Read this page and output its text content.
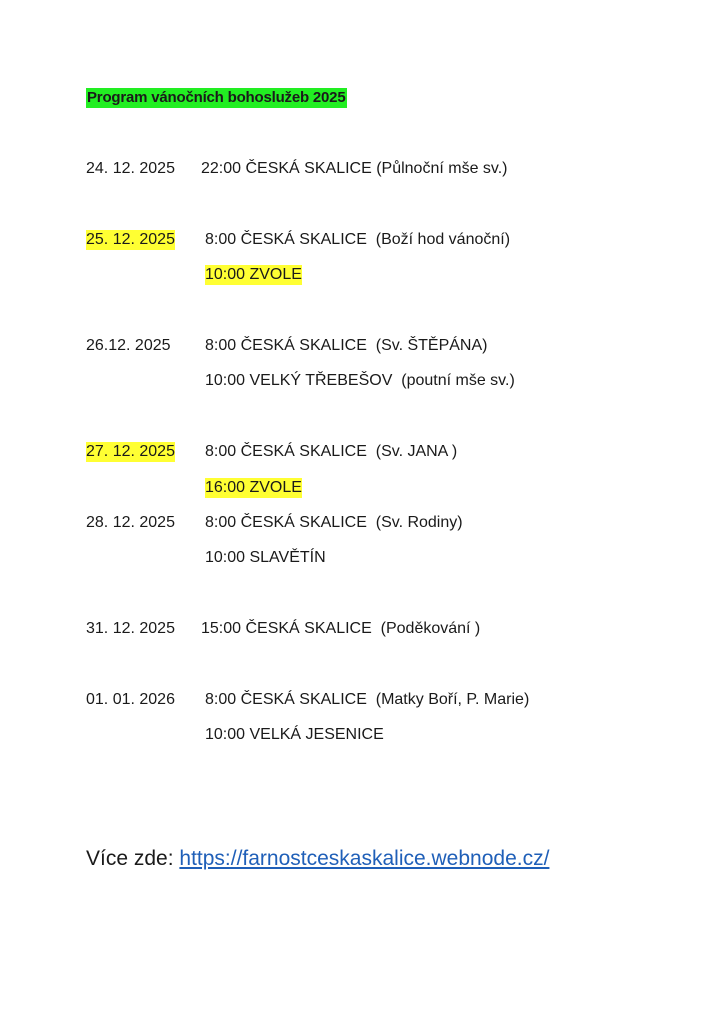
Program vánočních bohoslužeb 2025
24. 12. 2025 22:00 ČESKÁ SKALICE (Půlnoční mše sv.)
25. 12. 2025 8:00 ČESKÁ SKALICE  (Boží hod vánoční)
10:00 ZVOLE
26.12. 2025 8:00 ČESKÁ SKALICE  (Sv. ŠTĚPÁNA)
10:00 VELKÝ TŘEBEŠOV  (poutní mše sv.)
27. 12. 2025 8:00 ČESKÁ SKALICE  (Sv. JANA )
16:00 ZVOLE
28. 12. 2025 8:00 ČESKÁ SKALICE  (Sv. Rodiny)
10:00 SLAVĚTÍN
31. 12. 2025 15:00 ČESKÁ SKALICE  (Poděkování )
01. 01. 2026 8:00 ČESKÁ SKALICE  (Matky Boří, P. Marie)
10:00 VELKÁ JESENICE
Více zde: https://farnostceskaskalice.webnode.cz/
